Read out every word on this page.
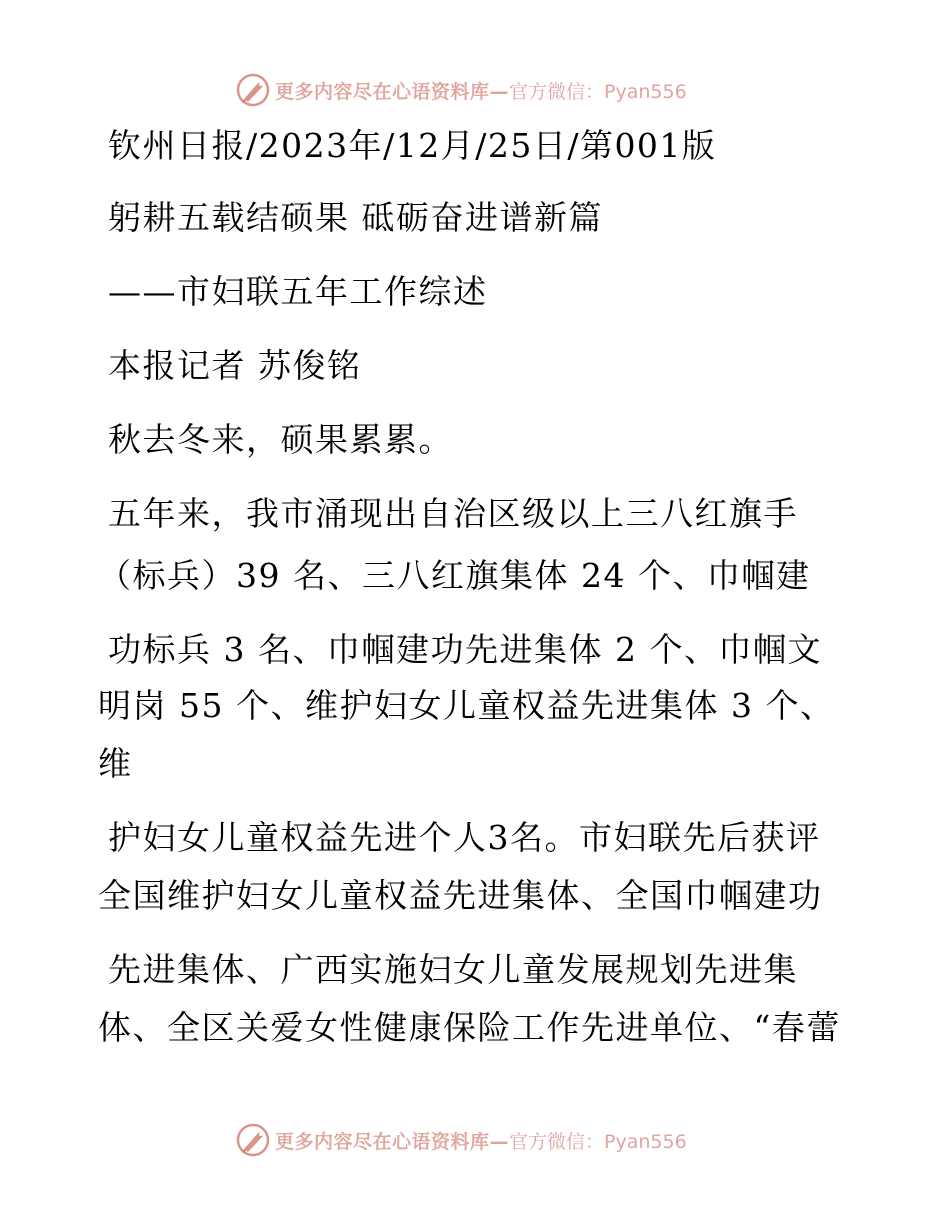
更多内容尽在心语资料库— 官方微信：Pyan556
钦州日报/2023年/12月/25日/第001版
躬耕五载结硕果 砥砺奋进谱新篇
——市妇联五年工作综述
本报记者 苏俊铭
秋去冬来，硕果累累。
五年来，我市涌现出自治区级以上三八红旗手
（标兵）39 名、三八红旗集体 24 个、巾帼建
功标兵 3 名、巾帼建功先进集体 2 个、巾帼文
明岗 55 个、维护妇女儿童权益先进集体 3 个、
维
护妇女儿童权益先进个人3名。市妇联先后获评
全国维护妇女儿童权益先进集体、全国巾帼建功
先进集体、广西实施妇女儿童发展规划先进集
体、全区关爱女性健康保险工作先进单位、“春蕾
更多内容尽在心语资料库— 官方微信：Pyan556
